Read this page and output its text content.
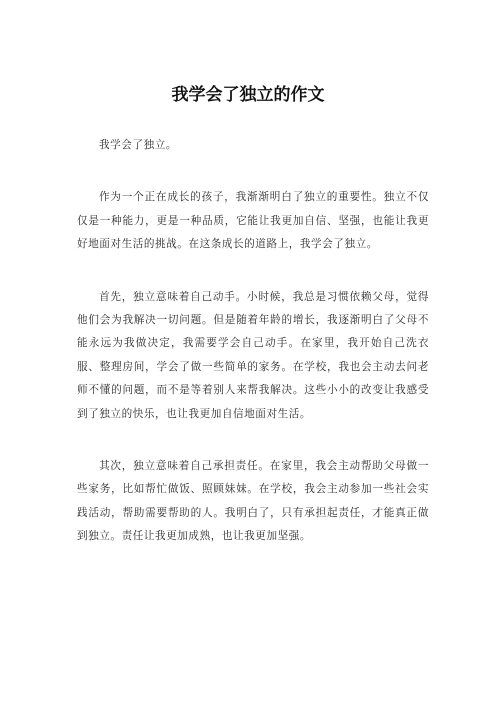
我学会了独立的作文

我学会了独立。

作为一个正在成长的孩子，我渐渐明白了独立的重要性。独立不仅仅是一种能力，更是一种品质，它能让我更加自信、坚强，也能让我更好地面对生活的挑战。在这条成长的道路上，我学会了独立。

首先，独立意味着自己动手。小时候，我总是习惯依赖父母，觉得他们会为我解决一切问题。但是随着年龄的增长，我逐渐明白了父母不能永远为我做决定，我需要学会自己动手。在家里，我开始自己洗衣服、整理房间，学会了做一些简单的家务。在学校，我也会主动去问老师不懂的问题，而不是等着别人来帮我解决。这些小小的改变让我感受到了独立的快乐，也让我更加自信地面对生活。

其次，独立意味着自己承担责任。在家里，我会主动帮助父母做一些家务，比如帮忙做饭、照顾妹妹。在学校，我会主动参加一些社会实践活动，帮助需要帮助的人。我明白了，只有承担起责任，才能真正做到独立。责任让我更加成熟，也让我更加坚强。
